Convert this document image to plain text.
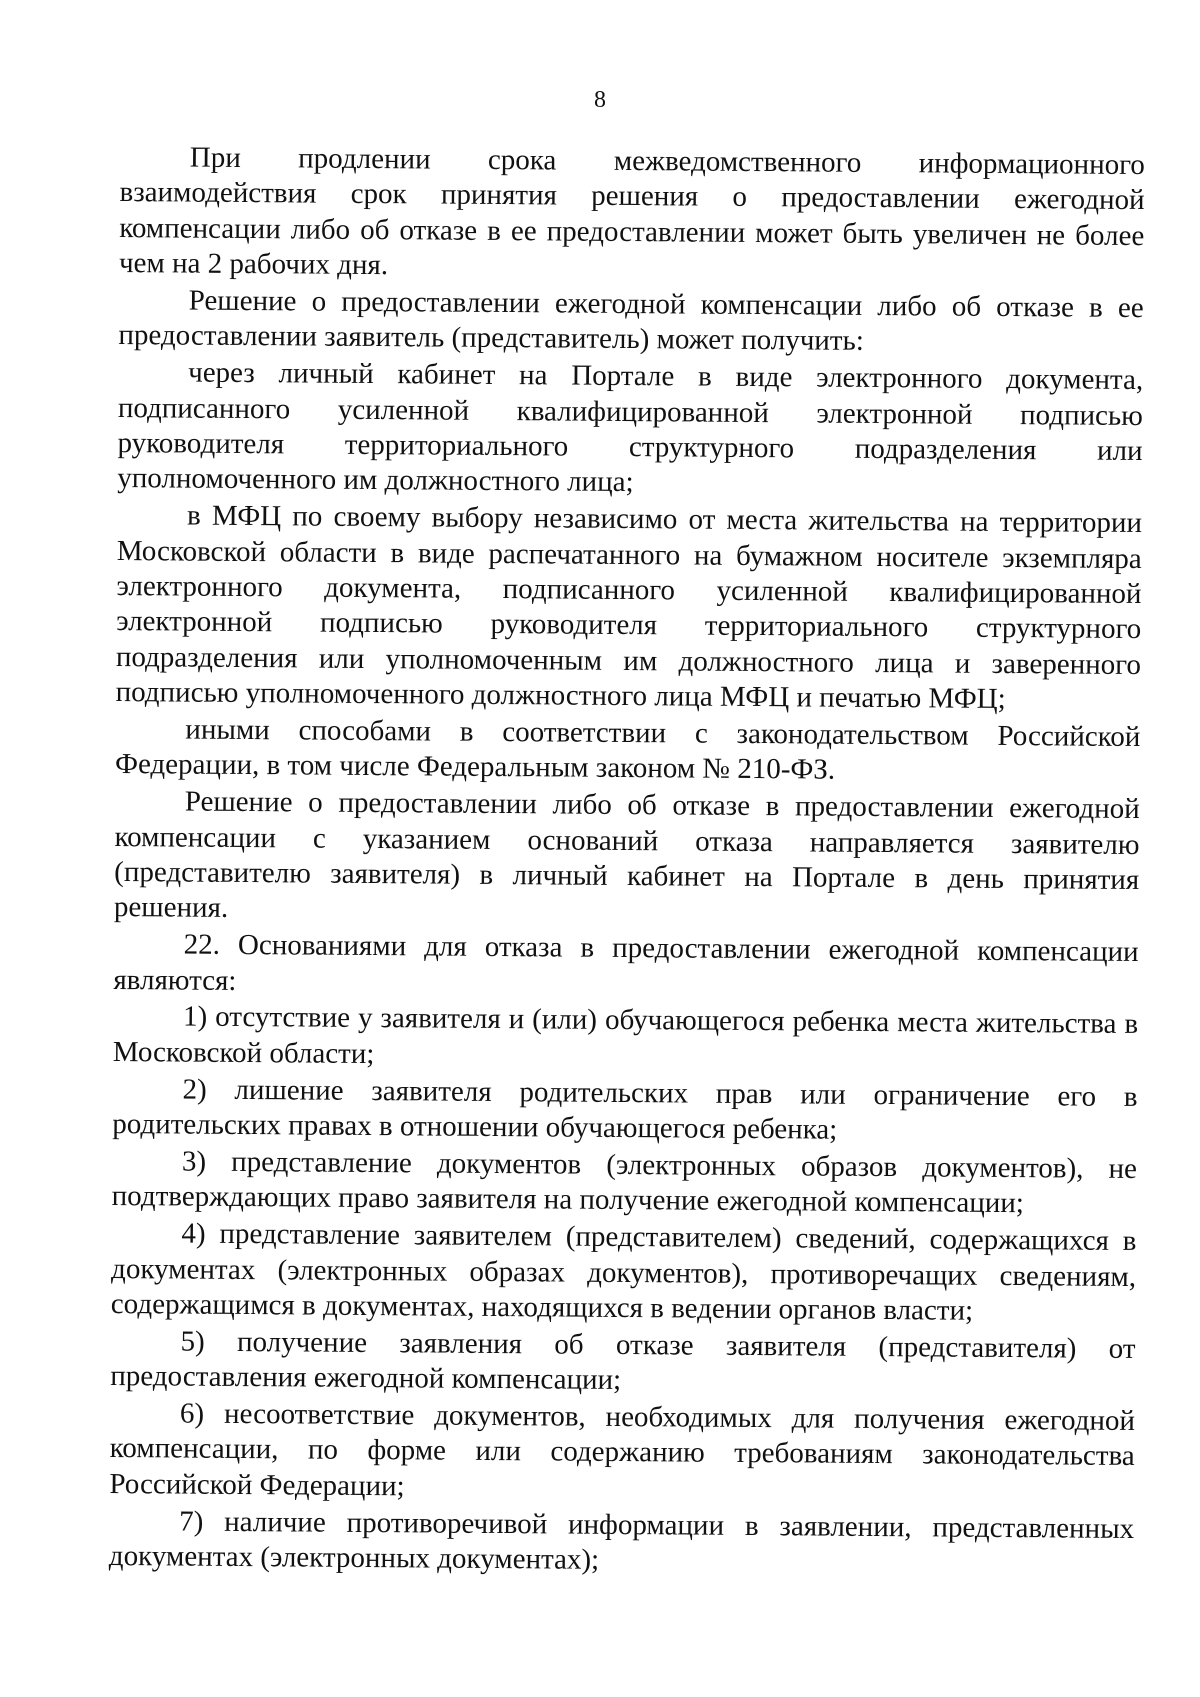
8

При продлении срока межведомственного информационного взаимодействия срок принятия решения о предоставлении ежегодной компенсации либо об отказе в ее предоставлении может быть увеличен не более чем на 2 рабочих дня.

Решение о предоставлении ежегодной компенсации либо об отказе в ее предоставлении заявитель (представитель) может получить:

через личный кабинет на Портале в виде электронного документа, подписанного усиленной квалифицированной электронной подписью руководителя территориального структурного подразделения или уполномоченного им должностного лица;

в МФЦ по своему выбору независимо от места жительства на территории Московской области в виде распечатанного на бумажном носителе экземпляра электронного документа, подписанного усиленной квалифицированной электронной подписью руководителя территориального структурного подразделения или уполномоченным им должностного лица и заверенного подписью уполномоченного должностного лица МФЦ и печатью МФЦ;

иными способами в соответствии с законодательством Российской Федерации, в том числе Федеральным законом № 210-ФЗ.

Решение о предоставлении либо об отказе в предоставлении ежегодной компенсации с указанием оснований отказа направляется заявителю (представителю заявителя) в личный кабинет на Портале в день принятия решения.

22. Основаниями для отказа в предоставлении ежегодной компенсации являются:

1) отсутствие у заявителя и (или) обучающегося ребенка места жительства в Московской области;

2) лишение заявителя родительских прав или ограничение его в родительских правах в отношении обучающегося ребенка;

3) представление документов (электронных образов документов), не подтверждающих право заявителя на получение ежегодной компенсации;

4) представление заявителем (представителем) сведений, содержащихся в документах (электронных образах документов), противоречащих сведениям, содержащимся в документах, находящихся в ведении органов власти;

5) получение заявления об отказе заявителя (представителя) от предоставления ежегодной компенсации;

6) несоответствие документов, необходимых для получения ежегодной компенсации, по форме или содержанию требованиям законодательства Российской Федерации;

7) наличие противоречивой информации в заявлении, представленных документах (электронных документах);
